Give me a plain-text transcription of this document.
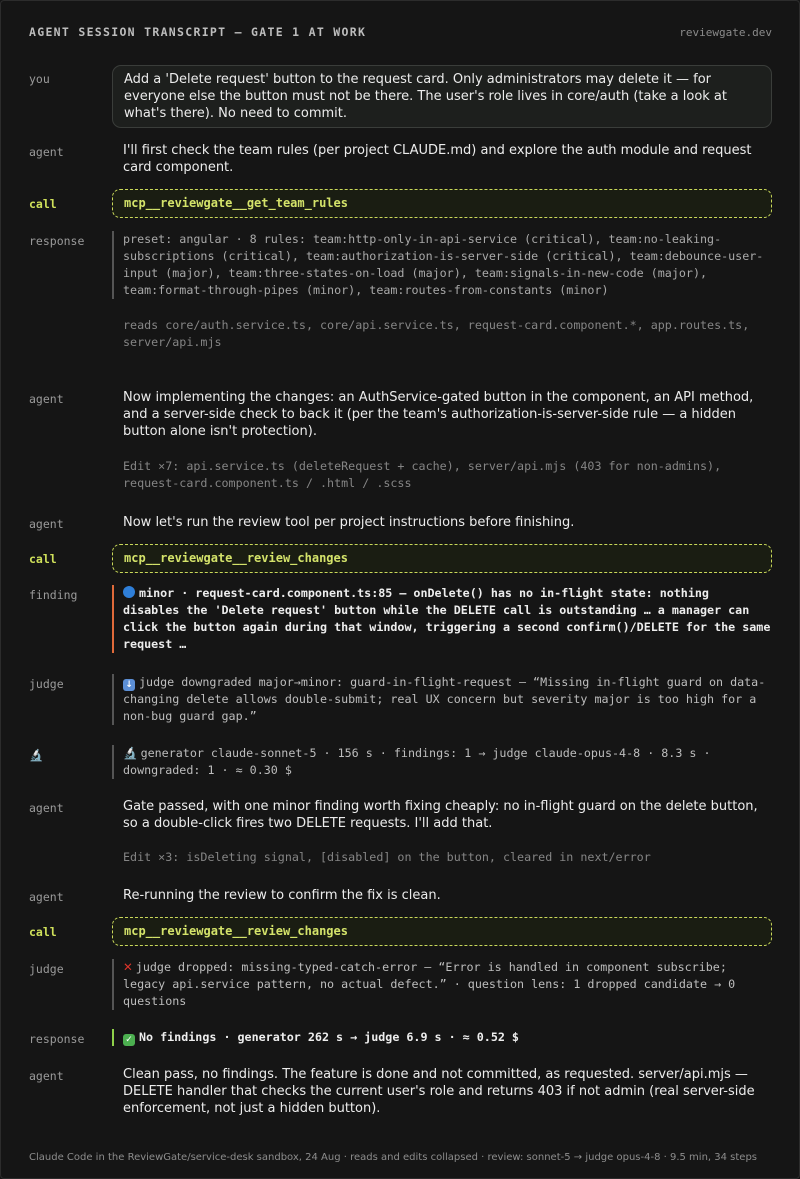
AGENT SESSION TRANSCRIPT — GATE 1 AT WORK	reviewgate.dev
you	Add a 'Delete request' button to the request card. Only administrators may delete it — for everyone else the button must not be there. The user's role lives in core/auth (take a look at what's there). No need to commit.

agent	I'll first check the team rules (per project CLAUDE.md) and explore the auth module and request card component.

call	mcp__reviewgate__get_team_rules
response	preset: angular · 8 rules: team:http-only-in-api-service (critical), team:no-leaking-subscriptions (critical), team:authorization-is-server-side (critical), team:debounce-user-input (major), team:three-states-on-load (major), team:signals-in-new-code (major), team:format-through-pipes (minor), team:routes-from-constants (minor)
reads core/auth.service.ts, core/api.service.ts, request-card.component.*, app.routes.ts, server/api.mjs
agent	Now implementing the changes: an AuthService-gated button in the component, an API method, and a server-side check to back it (per the team's authorization-is-server-side rule — a hidden button alone isn't protection).

Edit ×7: api.service.ts (deleteRequest + cache), server/api.mjs (403 for non-admins), request-card.component.ts / .html / .scss
agent	Now let's run the review tool per project instructions before finishing.

call	mcp__reviewgate__review_changes
finding	minor · request-card.component.ts:85 — onDelete() has no in-flight state: nothing disables the 'Delete request' button while the DELETE call is outstanding … a manager can click the button again during that window, triggering a second confirm()/DELETE for the same request …
judge	↓ judge downgraded major→minor: guard-in-flight-request — “Missing in-flight guard on data-changing delete allows double-submit; real UX concern but severity major is too high for a non-bug guard gap.”
🔬	🔬 generator claude-sonnet-5 · 156 s · findings: 1 → judge claude-opus-4-8 · 8.3 s · downgraded: 1 · ≈ 0.30 $
agent	Gate passed, with one minor finding worth fixing cheaply: no in-flight guard on the delete button, so a double-click fires two DELETE requests. I'll add that.

Edit ×3: isDeleting signal, [disabled] on the button, cleared in next/error
agent	Re-running the review to confirm the fix is clean.

call	mcp__reviewgate__review_changes
judge	✕ judge dropped: missing-typed-catch-error — “Error is handled in component subscribe; legacy api.service pattern, no actual defect.” · question lens: 1 dropped candidate → 0 questions
response	✓ No findings · generator 262 s → judge 6.9 s · ≈ 0.52 $
agent	Clean pass, no findings. The feature is done and not committed, as requested. server/api.mjs — DELETE handler that checks the current user's role and returns 403 if not admin (real server-side enforcement, not just a hidden button).

Claude Code in the ReviewGate/service-desk sandbox, 24 Aug · reads and edits collapsed · review: sonnet-5 → judge opus-4-8 · 9.5 min, 34 steps
